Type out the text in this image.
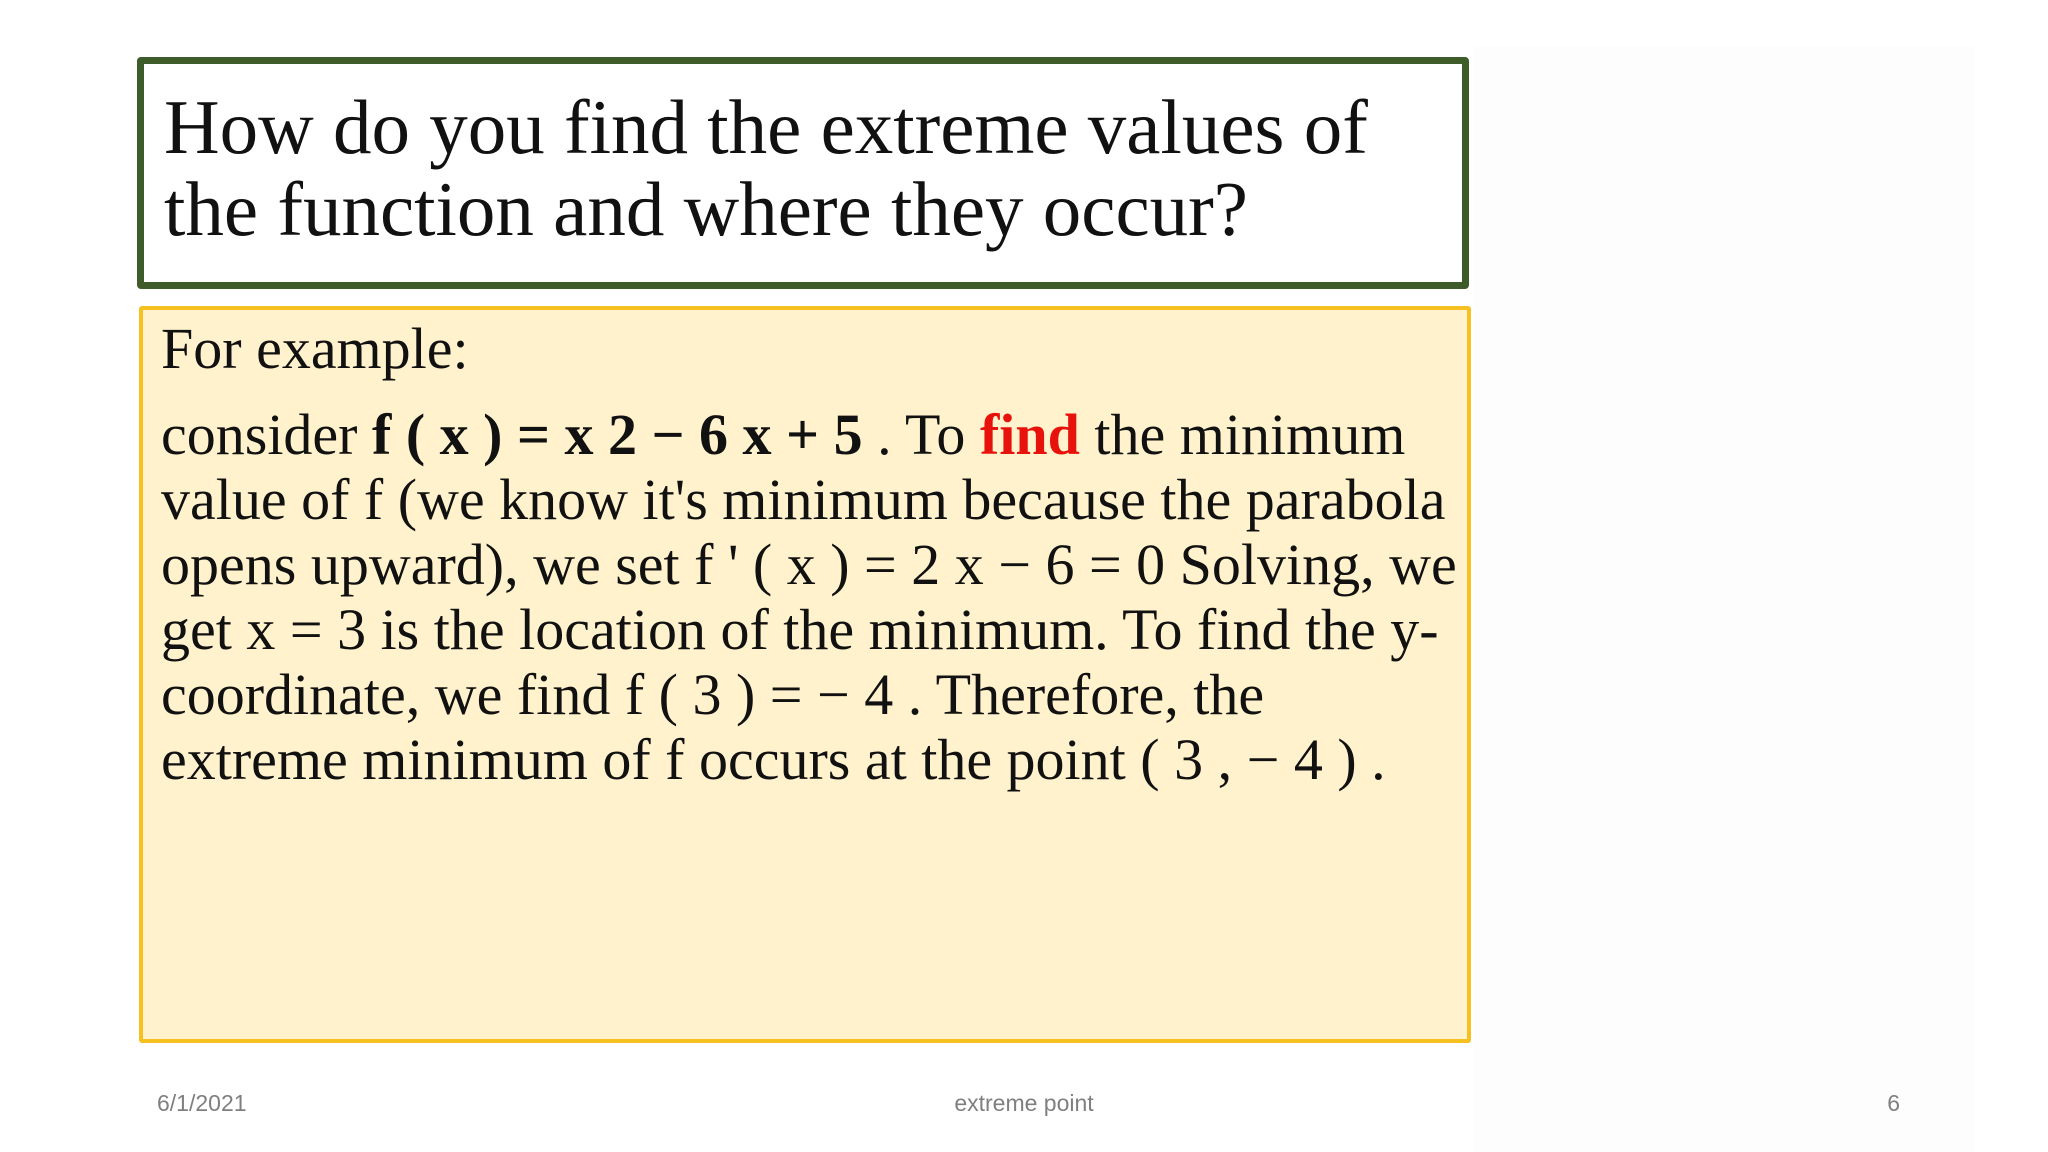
How do you find the extreme values of the function and where they occur?

For example:

consider f ( x ) = x 2 − 6 x + 5 . To find the minimum value of f (we know it's minimum because the parabola opens upward), we set f ' ( x ) = 2 x − 6 = 0 Solving, we get x = 3 is the location of the minimum. To find the y-coordinate, we find f ( 3 ) = − 4 . Therefore, the extreme minimum of f occurs at the point ( 3 , − 4 ) .

6/1/2021	extreme point	6
